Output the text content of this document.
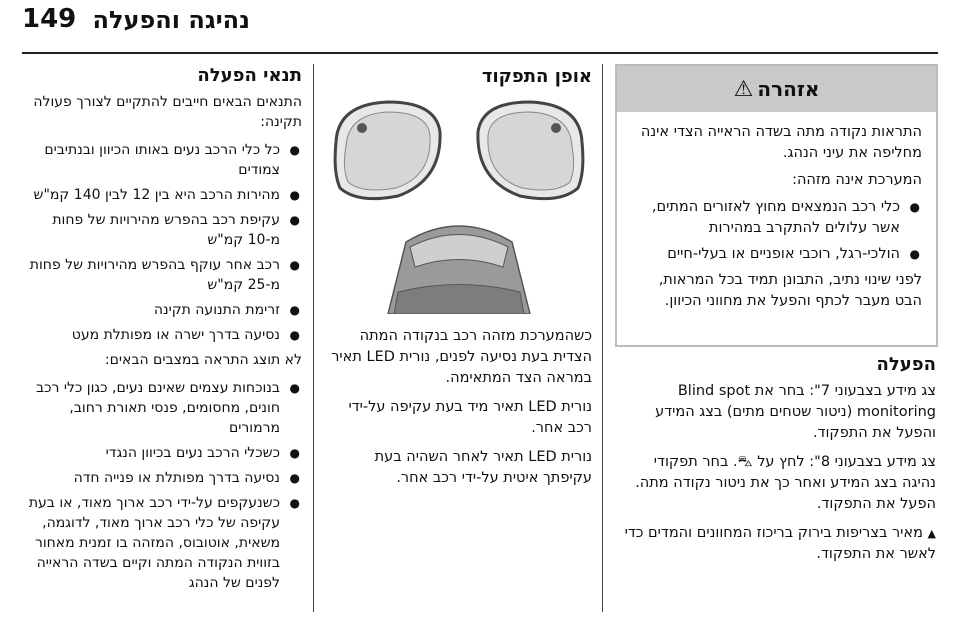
149 נהיגה והפעלה
אזהרה
⚠

התראות נקודה מתה בשדה הראייה הצדי אינה מחליפה את עיני הנהג.

המערכת אינה מזהה:

● כלי רכב הנמצאים מחוץ לאזורים המתים, אשר עלולים להתקרב במהירות
● הולכי-רגל, רוכבי אופניים או בעלי-חיים

לפני שינוי נתיב, התבונן תמיד בכל המראות, הבט מעבר לכתף והפעל את מחווני הכיוון.

הפעלה

צג מידע בצבעוני 7": בחר את Blind spot monitoring (ניטור שטחים מתים) בצג המידע והפעל את התפקוד.

צג מידע בצבעוני 8": לחץ על ⛍. בחר תפקודי נהיגה בצג המידע ואחר כך את ניטור נקודה מתה. הפעל את התפקוד.

▲ מאיר בצריפות בירוק בריכוז המחוונים והמדים כדי לאשר את התפקוד.

אופן התפקוד

כשהמערכת מזהה רכב בנקודה המתה הצדית בעת נסיעה לפנים, נורית LED תאיר במראה הצד המתאימה.

נורית LED תאיר מיד בעת עקיפה על-ידי רכב אחר.

נורית LED תאיר לאחר השהיה בעת עקיפתך איטית על-ידי רכב אחר.

תנאי הפעלה

התנאים הבאים חייבים להתקיים לצורך פעולה תקינה:

● כל כלי הרכב נעים באותו הכיוון ובנתיבים צמודים
● מהירות הרכב היא בין 12 לבין 140 קמ"ש
● עקיפת רכב בהפרש מהירויות של פחות מ-10 קמ"ש
● רכב אחר עוקף בהפרש מהירויות של פחות מ-25 קמ"ש
● זרימת התנועה תקינה
● נסיעה בדרך ישרה או מפותלת מעט

לא תוצג התראה במצבים הבאים:

● בנוכחות עצמים שאינם נעים, כגון כלי רכב חונים, מחסומים, פנסי תאורת רחוב, מרמורים
● כשכלי הרכב נעים בכיוון הנגדי
● נסיעה בדרך מפותלת או פנייה חדה
● כשנעקפים על-ידי רכב ארוך מאוד, או בעת עקיפה של כלי רכב ארוך מאוד, לדוגמה, משאית, אוטובוס, המזהה בו זמנית מאחור בזווית הנקודה המתה וקיים בשדה הראייה לפנים של הנהג
